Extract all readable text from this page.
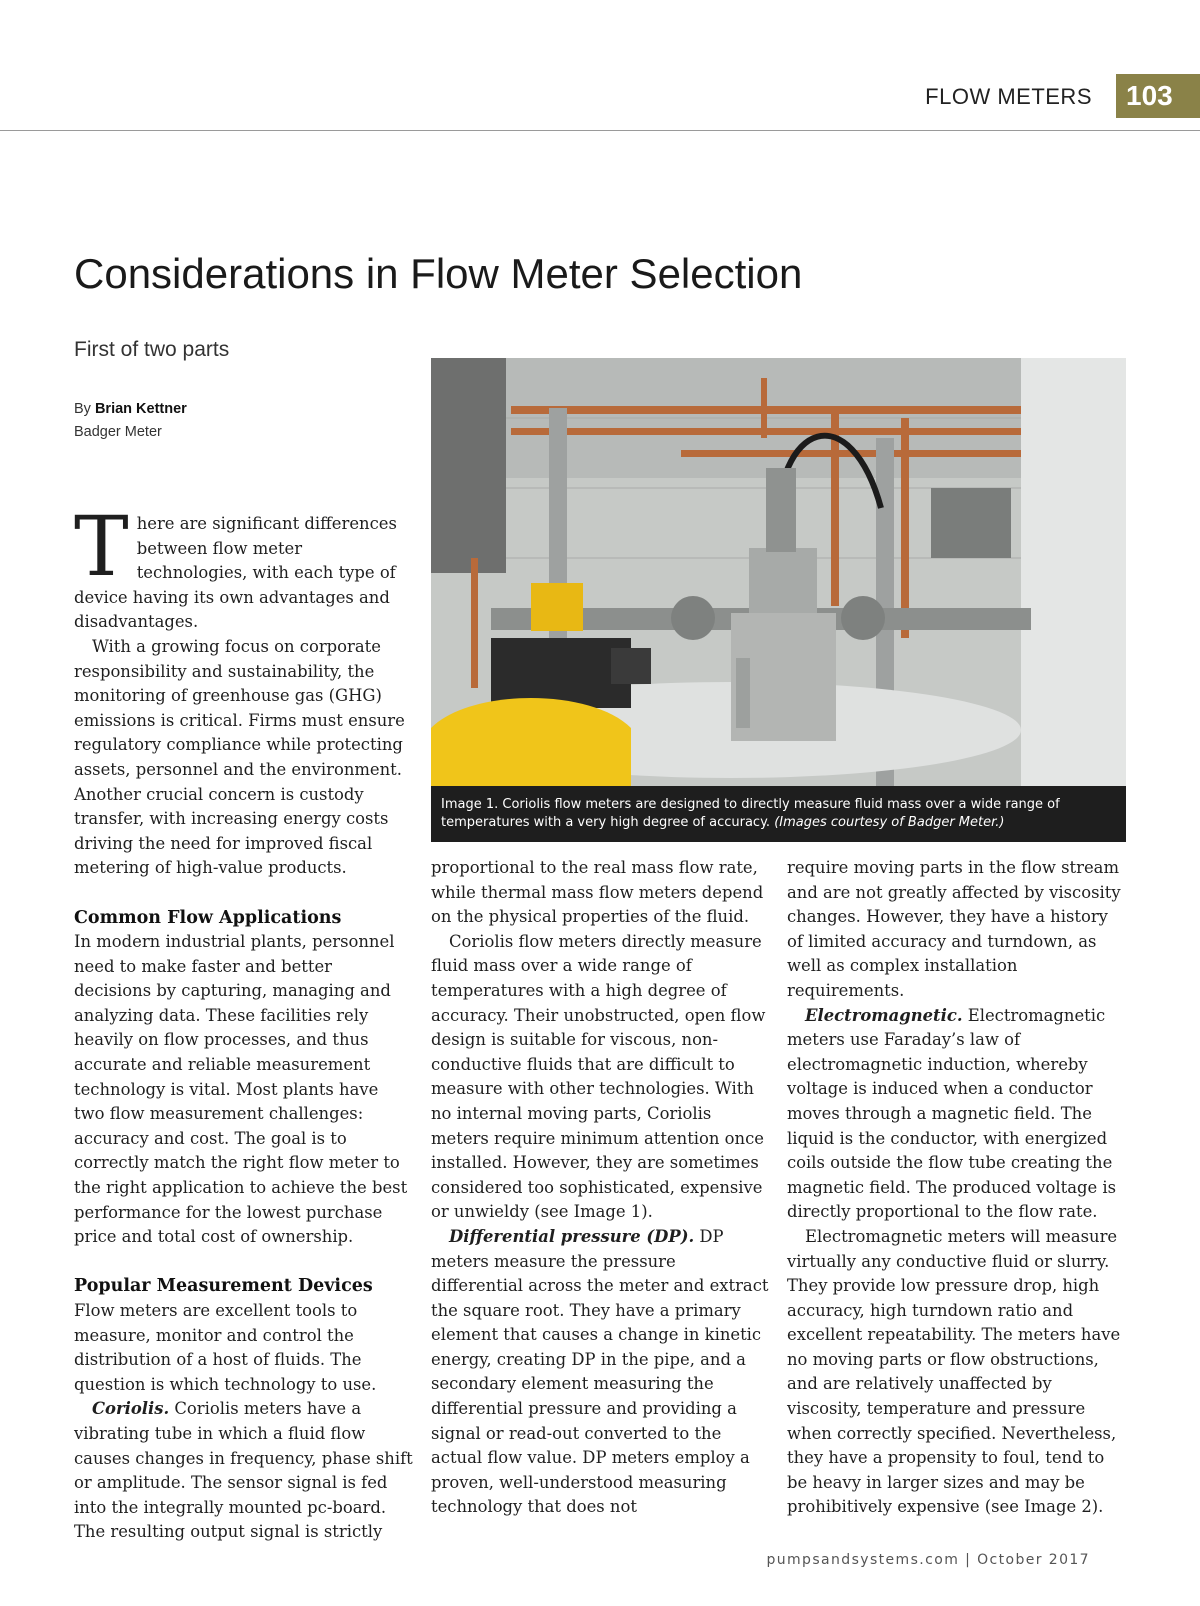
FLOW METERS	103
Considerations in Flow Meter Selection
First of two parts
By Brian Kettner
Badger Meter

There are significant differences between flow meter technologies, with each type of device having its own advantages and disadvantages.

With a growing focus on corporate responsibility and sustainability, the monitoring of greenhouse gas (GHG) emissions is critical. Firms must ensure regulatory compliance while protecting assets, personnel and the environment. Another crucial concern is custody transfer, with increasing energy costs driving the need for improved fiscal metering of high-value products.

Common Flow Applications

In modern industrial plants, personnel need to make faster and better decisions by capturing, managing and analyzing data. These facilities rely heavily on flow processes, and thus accurate and reliable measurement technology is vital. Most plants have two flow measurement challenges: accuracy and cost. The goal is to correctly match the right flow meter to the right application to achieve the best performance for the lowest purchase price and total cost of ownership.

Popular Measurement Devices

Flow meters are excellent tools to measure, monitor and control the distribution of a host of fluids. The question is which technology to use.

Coriolis. Coriolis meters have a vibrating tube in which a fluid flow causes changes in frequency, phase shift or amplitude. The sensor signal is fed into the integrally mounted pc-board. The resulting output signal is strictly

Image 1. Coriolis flow meters are designed to directly measure fluid mass over a wide range of temperatures with a very high degree of accuracy. (Images courtesy of Badger Meter.)

proportional to the real mass flow rate, while thermal mass flow meters depend on the physical properties of the fluid.

Coriolis flow meters directly measure fluid mass over a wide range of temperatures with a high degree of accuracy. Their unobstructed, open flow design is suitable for viscous, non-conductive fluids that are difficult to measure with other technologies. With no internal moving parts, Coriolis meters require minimum attention once installed. However, they are sometimes considered too sophisticated, expensive or unwieldy (see Image 1).

Differential pressure (DP). DP meters measure the pressure differential across the meter and extract the square root. They have a primary element that causes a change in kinetic energy, creating DP in the pipe, and a secondary element measuring the differential pressure and providing a signal or read-out converted to the actual flow value. DP meters employ a proven, well-understood measuring technology that does not

require moving parts in the flow stream and are not greatly affected by viscosity changes. However, they have a history of limited accuracy and turndown, as well as complex installation requirements.

Electromagnetic. Electromagnetic meters use Faraday’s law of electromagnetic induction, whereby voltage is induced when a conductor moves through a magnetic field. The liquid is the conductor, with energized coils outside the flow tube creating the magnetic field. The produced voltage is directly proportional to the flow rate.

Electromagnetic meters will measure virtually any conductive fluid or slurry. They provide low pressure drop, high accuracy, high turndown ratio and excellent repeatability. The meters have no moving parts or flow obstructions, and are relatively unaffected by viscosity, temperature and pressure when correctly specified. Nevertheless, they have a propensity to foul, tend to be heavy in larger sizes and may be prohibitively expensive (see Image 2).

pumpsandsystems.com | October 2017
